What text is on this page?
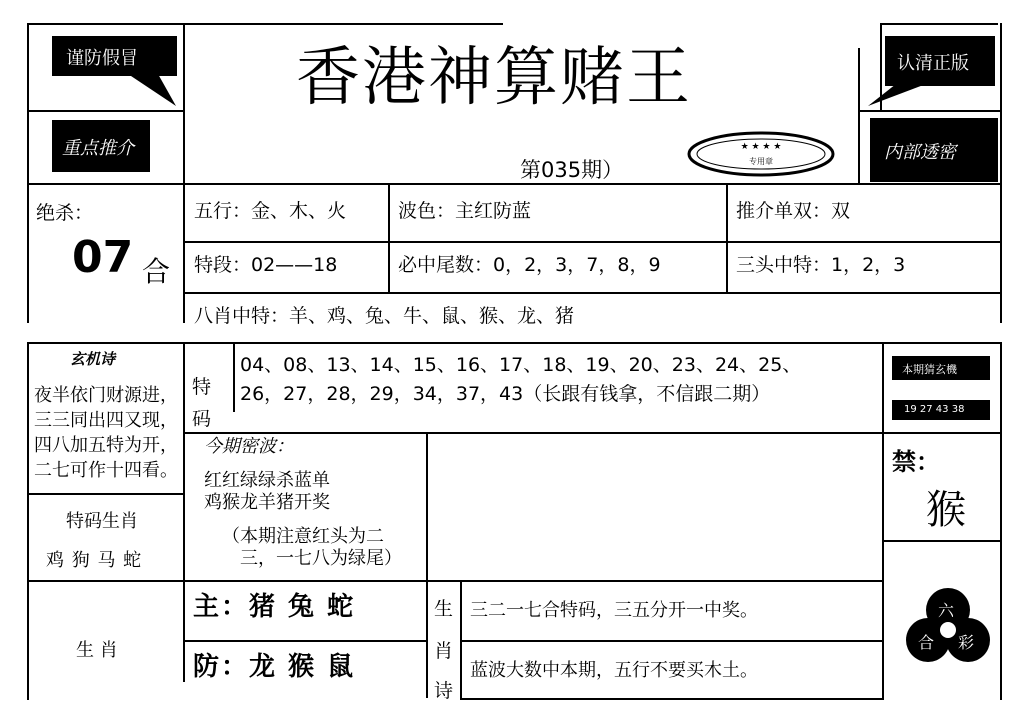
谨防假冒
重点推介
香港神算赌王
第035期）
★ ★ ★ ★
专用章
认清正版
内部透密
绝杀：
07 合
五行：金、木、火	波色：主红防蓝	推介单双：双
特段：02——18	必中尾数：0，2，3，7，8，9	三头中特：1，2，3
八肖中特：羊、鸡、兔、牛、鼠、猴、龙、猪
玄机诗
夜半依门财源进，
三三同出四又现，
四八加五特为开，
二七可作十四看。
特
码
04、08、13、14、15、16、17、18、19、20、23、24、25、
26，27，28，29，34，37，43（长跟有钱拿，不信跟二期）
本期猜玄機
19 27 43 38
特码生肖
鸡 狗 马 蛇
今期密波：
红红绿绿杀蓝单
鸡猴龙羊猪开奖
（本期注意红头为二
三，一七八为绿尾）
禁：
猴
生 肖
主：猪 兔 蛇
防：龙 猴 鼠
生
肖
诗
三二一七合特码，三五分开一中奖。
蓝波大数中本期，五行不要买木土。
六
合 彩
